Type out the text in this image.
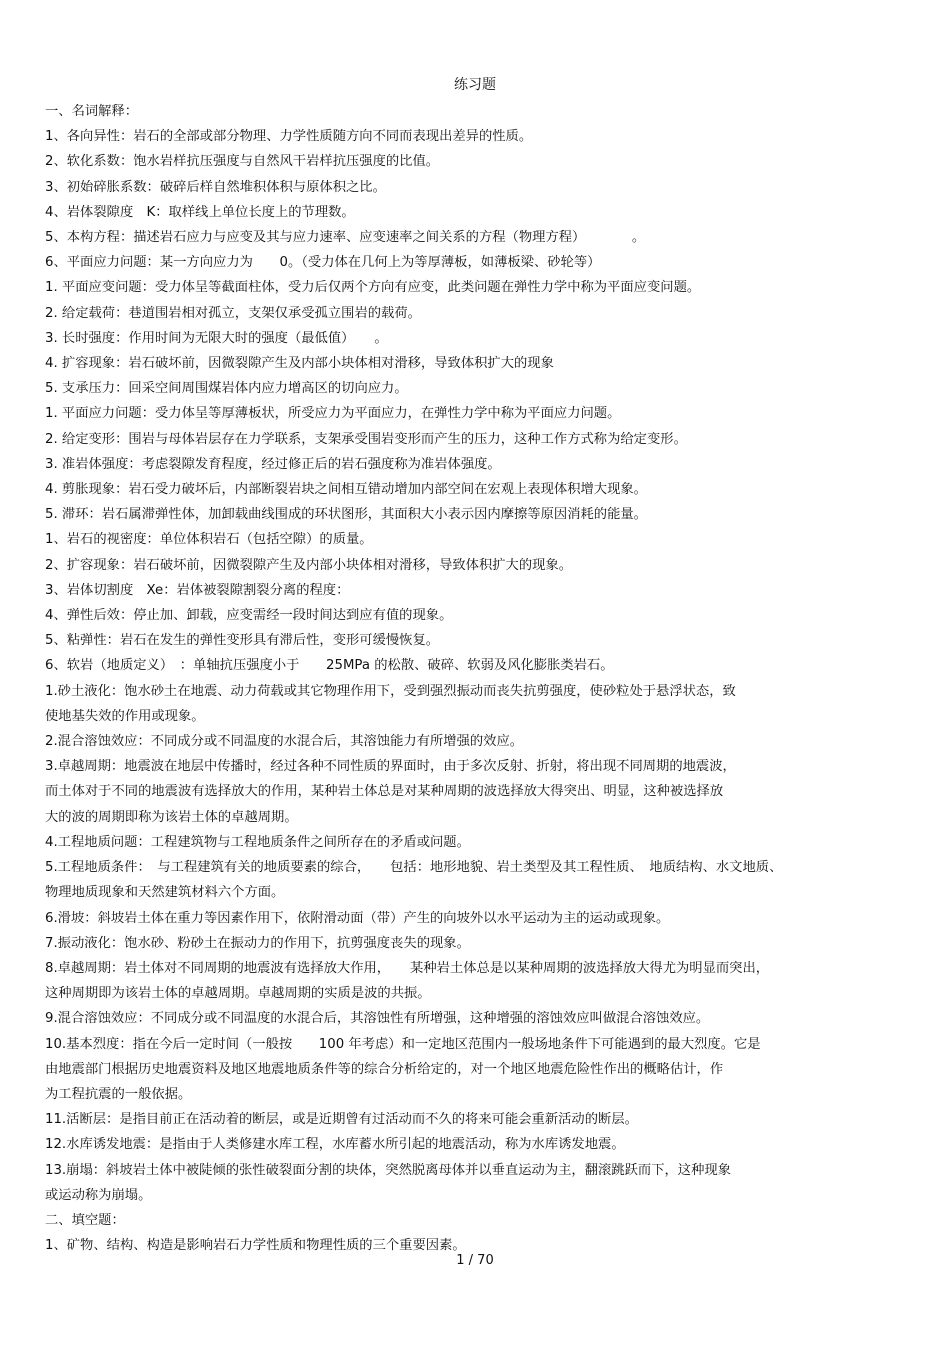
练习题
一、名词解释：
1、各向异性：岩石的全部或部分物理、力学性质随方向不同而表现出差异的性质。
2、软化系数：饱水岩样抗压强度与自然风干岩样抗压强度的比值。
3、初始碎胀系数：破碎后样自然堆积体积与原体积之比。
4、岩体裂隙度　K：取样线上单位长度上的节理数。
5、本构方程：描述岩石应力与应变及其与应力速率、应变速率之间关系的方程（物理方程）　　　　。
6、平面应力问题：某一方向应力为　　0。（受力体在几何上为等厚薄板，如薄板梁、砂轮等）
1. 平面应变问题：受力体呈等截面柱体，受力后仅两个方向有应变，此类问题在弹性力学中称为平面应变问题。
2. 给定载荷：巷道围岩相对孤立，支架仅承受孤立围岩的载荷。
3. 长时强度：作用时间为无限大时的强度（最低值）　　。
4. 扩容现象：岩石破坏前，因微裂隙产生及内部小块体相对滑移，导致体积扩大的现象
5. 支承压力：回采空间周围煤岩体内应力增高区的切向应力。
1. 平面应力问题：受力体呈等厚薄板状，所受应力为平面应力，在弹性力学中称为平面应力问题。
2. 给定变形：围岩与母体岩层存在力学联系，支架承受围岩变形而产生的压力，这种工作方式称为给定变形。
3. 准岩体强度：考虑裂隙发育程度，经过修正后的岩石强度称为准岩体强度。
4. 剪胀现象：岩石受力破坏后，内部断裂岩块之间相互错动增加内部空间在宏观上表现体积增大现象。
5. 滞环：岩石属滞弹性体，加卸载曲线围成的环状图形，其面积大小表示因内摩擦等原因消耗的能量。
1、岩石的视密度：单位体积岩石（包括空隙）的质量。
2、扩容现象：岩石破坏前，因微裂隙产生及内部小块体相对滑移，导致体积扩大的现象。
3、岩体切割度　Xe：岩体被裂隙割裂分离的程度：
4、弹性后效：停止加、卸载，应变需经一段时间达到应有值的现象。
5、粘弹性：岩石在发生的弹性变形具有滞后性，变形可缓慢恢复。
6、软岩（地质定义）　：单轴抗压强度小于　　25MPa 的松散、破碎、软弱及风化膨胀类岩石。
1.砂土液化：饱水砂土在地震、动力荷载或其它物理作用下，受到强烈振动而丧失抗剪强度，使砂粒处于悬浮状态，致
使地基失效的作用或现象。
2.混合溶蚀效应：不同成分或不同温度的水混合后，其溶蚀能力有所增强的效应。
3.卓越周期：地震波在地层中传播时，经过各种不同性质的界面时，由于多次反射、折射，将出现不同周期的地震波，
而土体对于不同的地震波有选择放大的作用，某种岩土体总是对某种周期的波选择放大得突出、明显，这种被选择放
大的波的周期即称为该岩土体的卓越周期。
4.工程地质问题：工程建筑物与工程地质条件之间所存在的矛盾或问题。
5.工程地质条件：　与工程建筑有关的地质要素的综合，　　包括：地形地貌、岩土类型及其工程性质、　地质结构、水文地质、
物理地质现象和天然建筑材料六个方面。
6.滑坡：斜坡岩土体在重力等因素作用下，依附滑动面（带）产生的向坡外以水平运动为主的运动或现象。
7.振动液化：饱水砂、粉砂土在振动力的作用下，抗剪强度丧失的现象。
8.卓越周期：岩土体对不同周期的地震波有选择放大作用，　　某种岩土体总是以某种周期的波选择放大得尤为明显而突出，
这种周期即为该岩土体的卓越周期。卓越周期的实质是波的共振。
9.混合溶蚀效应：不同成分或不同温度的水混合后，其溶蚀性有所增强，这种增强的溶蚀效应叫做混合溶蚀效应。
10.基本烈度：指在今后一定时间（一般按　　100 年考虑）和一定地区范围内一般场地条件下可能遇到的最大烈度。它是
由地震部门根据历史地震资料及地区地震地质条件等的综合分析给定的，对一个地区地震危险性作出的概略估计，作
为工程抗震的一般依据。
11.活断层：是指目前正在活动着的断层，或是近期曾有过活动而不久的将来可能会重新活动的断层。
12.水库诱发地震：是指由于人类修建水库工程，水库蓄水所引起的地震活动，称为水库诱发地震。
13.崩塌：斜坡岩土体中被陡倾的张性破裂面分割的块体，突然脱离母体并以垂直运动为主，翻滚跳跃而下，这种现象
或运动称为崩塌。
二、填空题：
1、矿物、结构、构造是影响岩石力学性质和物理性质的三个重要因素。
1 / 70
